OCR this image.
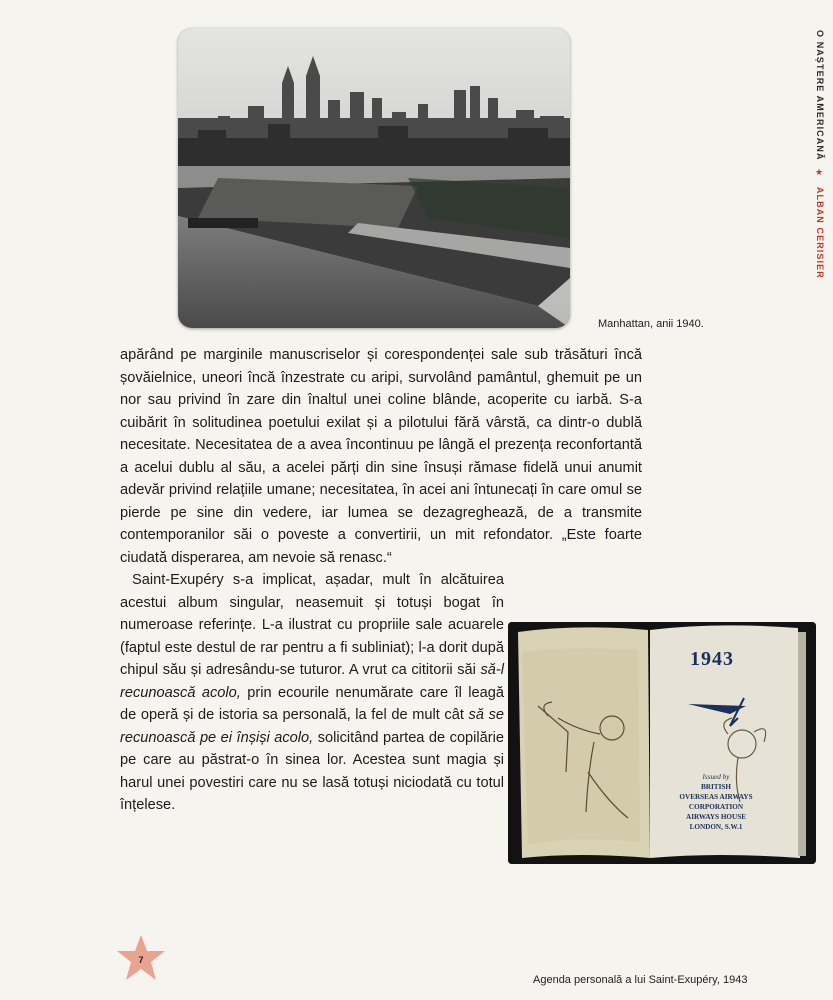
Manhattan, anii 1940.
O NAȘTERE AMERICANĂ ★ ALBAN CERISIER

apărând pe marginile manuscriselor și corespondenței sale sub trăsături încă șovăielnice, uneori încă înzestrate cu aripi, survolând pamântul, ghemuit pe un nor sau privind în zare din înaltul unei coline blânde, acoperite cu iarbă. S-a cuibărit în solitudinea poetului exilat și a pilotului fără vârstă, ca dintr-o dublă necesitate. Necesitatea de a avea încontinuu pe lângă el prezența reconfortantă a acelui dublu al său, a acelei părți din sine însuși rămase fidelă unui anumit adevăr privind relațiile umane; necesitatea, în acei ani întunecați în care omul se pierde pe sine din vedere, iar lumea se dezagreghează, de a transmite contemporanilor săi o poveste a convertirii, un mit refondator. „Este foarte ciudată disperarea, am nevoie să renasc.“

Saint-Exupéry s-a implicat, așadar, mult în alcătuirea acestui album singular, neasemuit și totuși bogat în numeroase referințe. L-a ilustrat cu propriile sale acuarele (faptul este destul de rar pentru a fi subliniat); l-a dorit după chipul său și adresându-se tuturor. A vrut ca cititorii săi să-l recunoască acolo, prin ecourile nenumărate care îl leagă de operă și de istoria sa personală, la fel de mult cât să se recunoască pe ei înșiși acolo, solicitând partea de copilărie pe care au păstrat-o în sinea lor. Acestea sunt magia și harul unei povestiri care nu se lasă totuși niciodată cu totul înțelese.

1943
Issued by
BRITISH
OVERSEAS AIRWAYS
CORPORATION
AIRWAYS HOUSE
LONDON, S.W.1
Agenda personală a lui Saint-Exupéry, 1943
7
